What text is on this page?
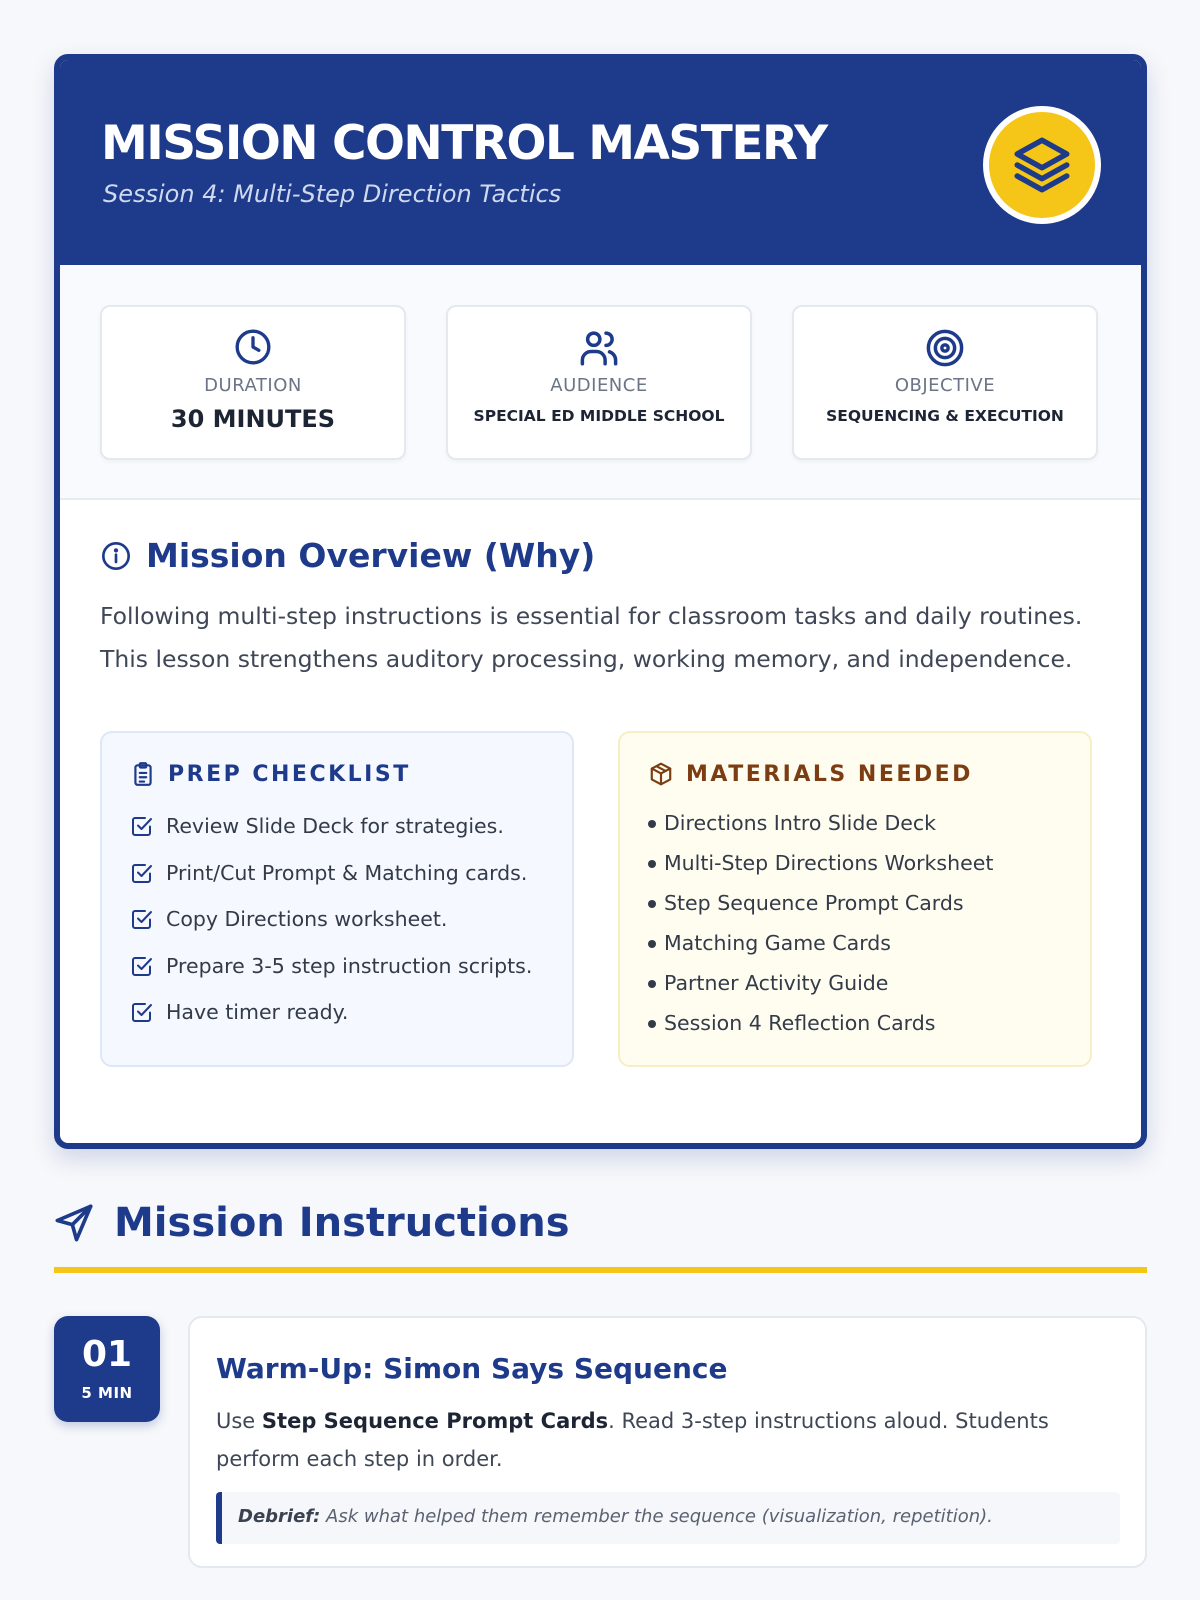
MISSION CONTROL MASTERY
Session 4: Multi-Step Direction Tactics
DURATION
30 MINUTES
AUDIENCE
SPECIAL ED MIDDLE SCHOOL
OBJECTIVE
SEQUENCING & EXECUTION
Mission Overview (Why)
Following multi-step instructions is essential for classroom tasks and daily routines. This lesson strengthens auditory processing, working memory, and independence.
PREP CHECKLIST
Review Slide Deck for strategies.
Print/Cut Prompt & Matching cards.
Copy Directions worksheet.
Prepare 3-5 step instruction scripts.
Have timer ready.
MATERIALS NEEDED
Directions Intro Slide Deck
Multi-Step Directions Worksheet
Step Sequence Prompt Cards
Matching Game Cards
Partner Activity Guide
Session 4 Reflection Cards
Mission Instructions
01
5 MIN
Warm-Up: Simon Says Sequence
Use Step Sequence Prompt Cards. Read 3-step instructions aloud. Students perform each step in order.
Debrief: Ask what helped them remember the sequence (visualization, repetition).
